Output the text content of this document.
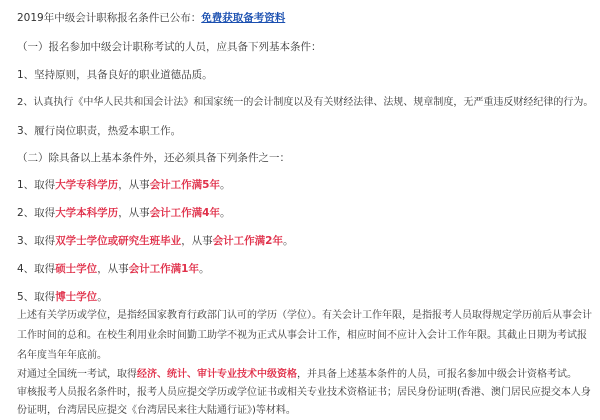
2019年中级会计职称报名条件已公布：免费获取备考资料
（一）报名参加中级会计职称考试的人员，应具备下列基本条件：
1、坚持原则，具备良好的职业道德品质。
2、认真执行《中华人民共和国会计法》和国家统一的会计制度以及有关财经法律、法规、规章制度，无严重违反财经纪律的行为。
3、履行岗位职责，热爱本职工作。
（二）除具备以上基本条件外，还必须具备下列条件之一：
1、取得大学专科学历，从事会计工作满5年。
2、取得大学本科学历，从事会计工作满4年。
3、取得双学士学位或研究生班毕业，从事会计工作满2年。
4、取得硕士学位，从事会计工作满1年。
5、取得博士学位。
上述有关学历或学位，是指经国家教育行政部门认可的学历（学位）。有关会计工作年限，是指报考人员取得规定学历前后从事会计工作时间的总和。在校生利用业余时间勤工助学不视为正式从事会计工作，相应时间不应计入会计工作年限。其截止日期为考试报名年度当年年底前。
对通过全国统一考试，取得经济、统计、审计专业技术中级资格，并具备上述基本条件的人员，可报名参加中级会计资格考试。
审核报考人员报名条件时，报考人员应提交学历或学位证书或相关专业技术资格证书；居民身份证明(香港、澳门居民应提交本人身份证明，台湾居民应提交《台湾居民来往大陆通行证》)等材料。
